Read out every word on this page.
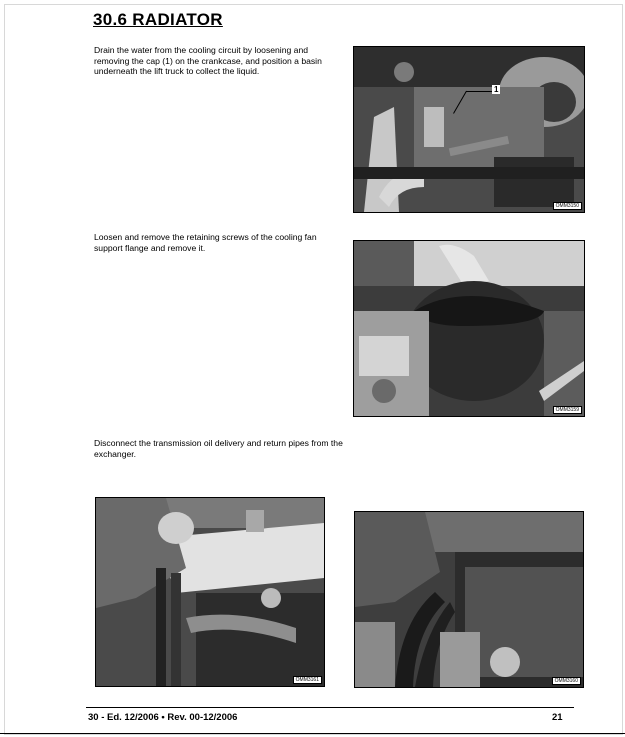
30.6 RADIATOR

Drain the water from the cooling circuit by loosening and removing the cap (1) on the crankcase, and position a basin underneath the lift truck to collect the liquid.

1
OMM3150

Loosen and remove the retaining screws of the cooling fan support flange and remove it.

OMM3159

Disconnect the transmission oil delivery and return pipes from the exchanger.

OMM3161	OMM3160
30 - Ed. 12/2006 • Rev. 00-12/2006	21
